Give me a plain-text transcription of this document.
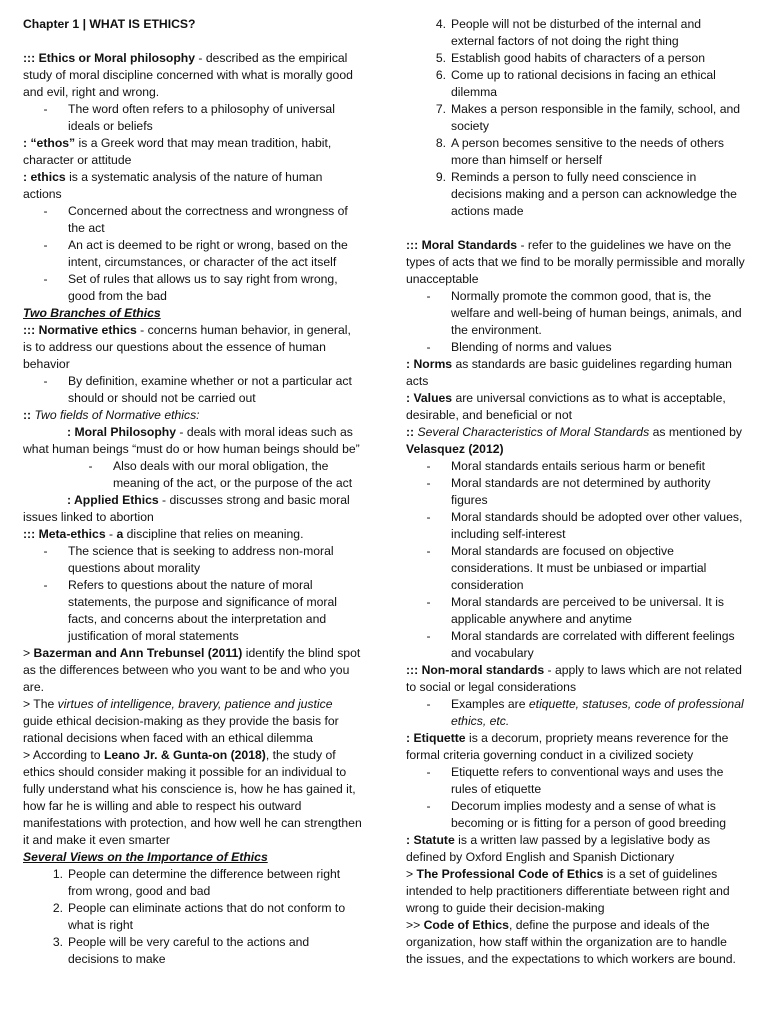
Chapter 1 | WHAT IS ETHICS?

::: Ethics or Moral philosophy - described as the empirical study of moral discipline concerned with what is morally good and evil, right and wrong.

-	The word often refers to a philosophy of universal ideals or beliefs

: “ethos” is a Greek word that may mean tradition, habit, character or attitude

: ethics is a systematic analysis of the nature of human actions

-	Concerned about the correctness and wrongness of the act
-	An act is deemed to be right or wrong, based on the intent, circumstances, or character of the act itself
-	Set of rules that allows us to say right from wrong, good from the bad

Two Branches of Ethics

::: Normative ethics - concerns human behavior, in general, is to address our questions about the essence of human behavior

-	By definition, examine whether or not a particular act should or should not be carried out

:: Two fields of Normative ethics:

: Moral Philosophy - deals with moral ideas such as what human beings “must do or how human beings should be”

-	Also deals with our moral obligation, the meaning of the act, or the purpose of the act

: Applied Ethics - discusses strong and basic moral issues linked to abortion

::: Meta-ethics - a discipline that relies on meaning.

-	The science that is seeking to address non-moral questions about morality
-	Refers to questions about the nature of moral statements, the purpose and significance of moral facts, and concerns about the interpretation and justification of moral statements

> Bazerman and Ann Trebunsel (2011) identify the blind spot as the differences between who you want to be and who you are.

> The virtues of intelligence, bravery, patience and justice guide ethical decision-making as they provide the basis for rational decisions when faced with an ethical dilemma

> According to Leano Jr. & Gunta-on (2018), the study of ethics should consider making it possible for an individual to fully understand what his conscience is, how he has gained it, how far he is willing and able to respect his outward manifestations with protection, and how well he can strengthen it and make it even smarter

Several Views on the Importance of Ethics

1. People can determine the difference between right from wrong, good and bad
2. People can eliminate actions that do not conform to what is right
3. People will be very careful to the actions and decisions to make
4. People will not be disturbed of the internal and external factors of not doing the right thing
5. Establish good habits of characters of a person
6. Come up to rational decisions in facing an ethical dilemma
7. Makes a person responsible in the family, school, and society
8. A person becomes sensitive to the needs of others more than himself or herself
9. Reminds a person to fully need conscience in decisions making and a person can acknowledge the actions made

::: Moral Standards - refer to the guidelines we have on the types of acts that we find to be morally permissible and morally unacceptable

-	Normally promote the common good, that is, the welfare and well-being of human beings, animals, and the environment.
-	Blending of norms and values

: Norms as standards are basic guidelines regarding human acts

: Values are universal convictions as to what is acceptable, desirable, and beneficial or not

:: Several Characteristics of Moral Standards as mentioned by Velasquez (2012)

-	Moral standards entails serious harm or benefit
-	Moral standards are not determined by authority figures
-	Moral standards should be adopted over other values, including self-interest
-	Moral standards are focused on objective considerations. It must be unbiased or impartial consideration
-	Moral standards are perceived to be universal. It is applicable anywhere and anytime
-	Moral standards are correlated with different feelings and vocabulary

::: Non-moral standards - apply to laws which are not related to social or legal considerations

-	Examples are etiquette, statuses, code of professional ethics, etc.

: Etiquette is a decorum, propriety means reverence for the formal criteria governing conduct in a civilized society

-	Etiquette refers to conventional ways and uses the rules of etiquette
-	Decorum implies modesty and a sense of what is becoming or is fitting for a person of good breeding

: Statute is a written law passed by a legislative body as defined by Oxford English and Spanish Dictionary

> The Professional Code of Ethics is a set of guidelines intended to help practitioners differentiate between right and wrong to guide their decision-making

>> Code of Ethics, define the purpose and ideals of the organization, how staff within the organization are to handle the issues, and the expectations to which workers are bound.
